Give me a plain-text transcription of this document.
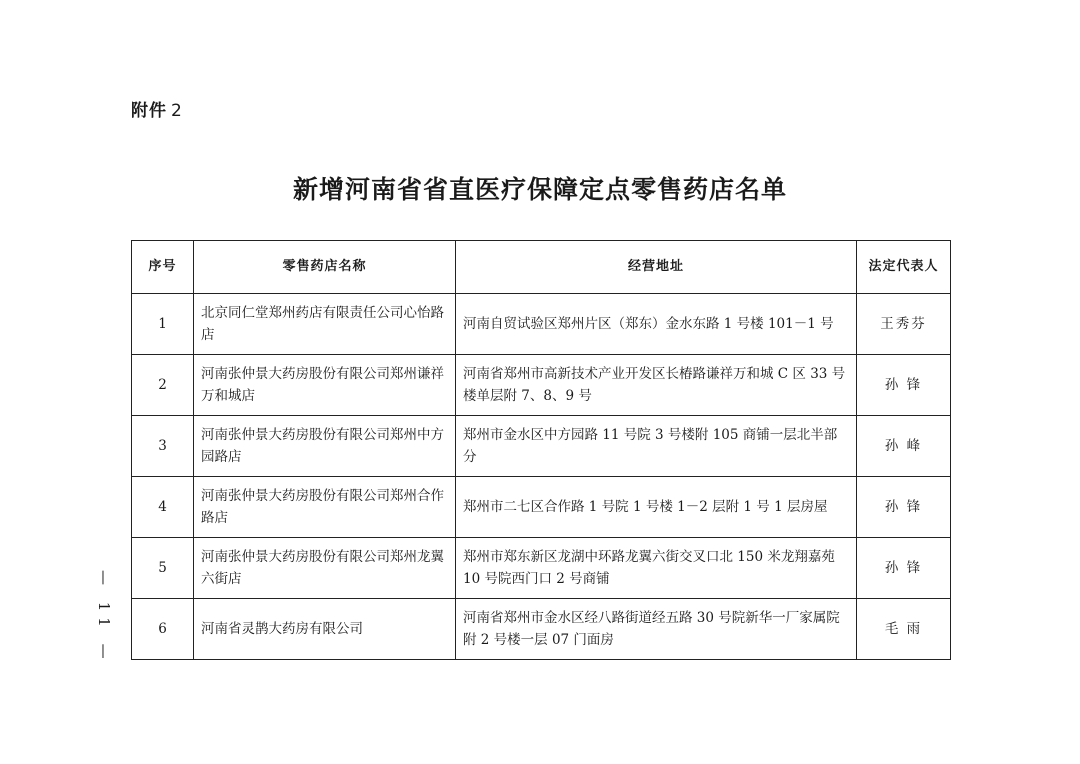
附件 2
新增河南省省直医疗保障定点零售药店名单
序号	零售药店名称	经营地址	法定代表人
1	北京同仁堂郑州药店有限责任公司心怡路店	河南自贸试验区郑州片区（郑东）金水东路 1 号楼 101－1 号	王秀芬
2	河南张仲景大药房股份有限公司郑州谦祥万和城店	河南省郑州市高新技术产业开发区长椿路谦祥万和城 C 区 33 号楼单层附 7、8、9 号	孙 锋
3	河南张仲景大药房股份有限公司郑州中方园路店	郑州市金水区中方园路 11 号院 3 号楼附 105 商铺一层北半部分	孙 峰
4	河南张仲景大药房股份有限公司郑州合作路店	郑州市二七区合作路 1 号院 1 号楼 1－2 层附 1 号 1 层房屋	孙 锋
5	河南张仲景大药房股份有限公司郑州龙翼六街店	郑州市郑东新区龙湖中环路龙翼六街交叉口北 150 米龙翔嘉苑 10 号院西门口 2 号商铺	孙 锋
6	河南省灵鹊大药房有限公司	河南省郑州市金水区经八路街道经五路 30 号院新华一厂家属院附 2 号楼一层 07 门面房	毛 雨
— 11 —
